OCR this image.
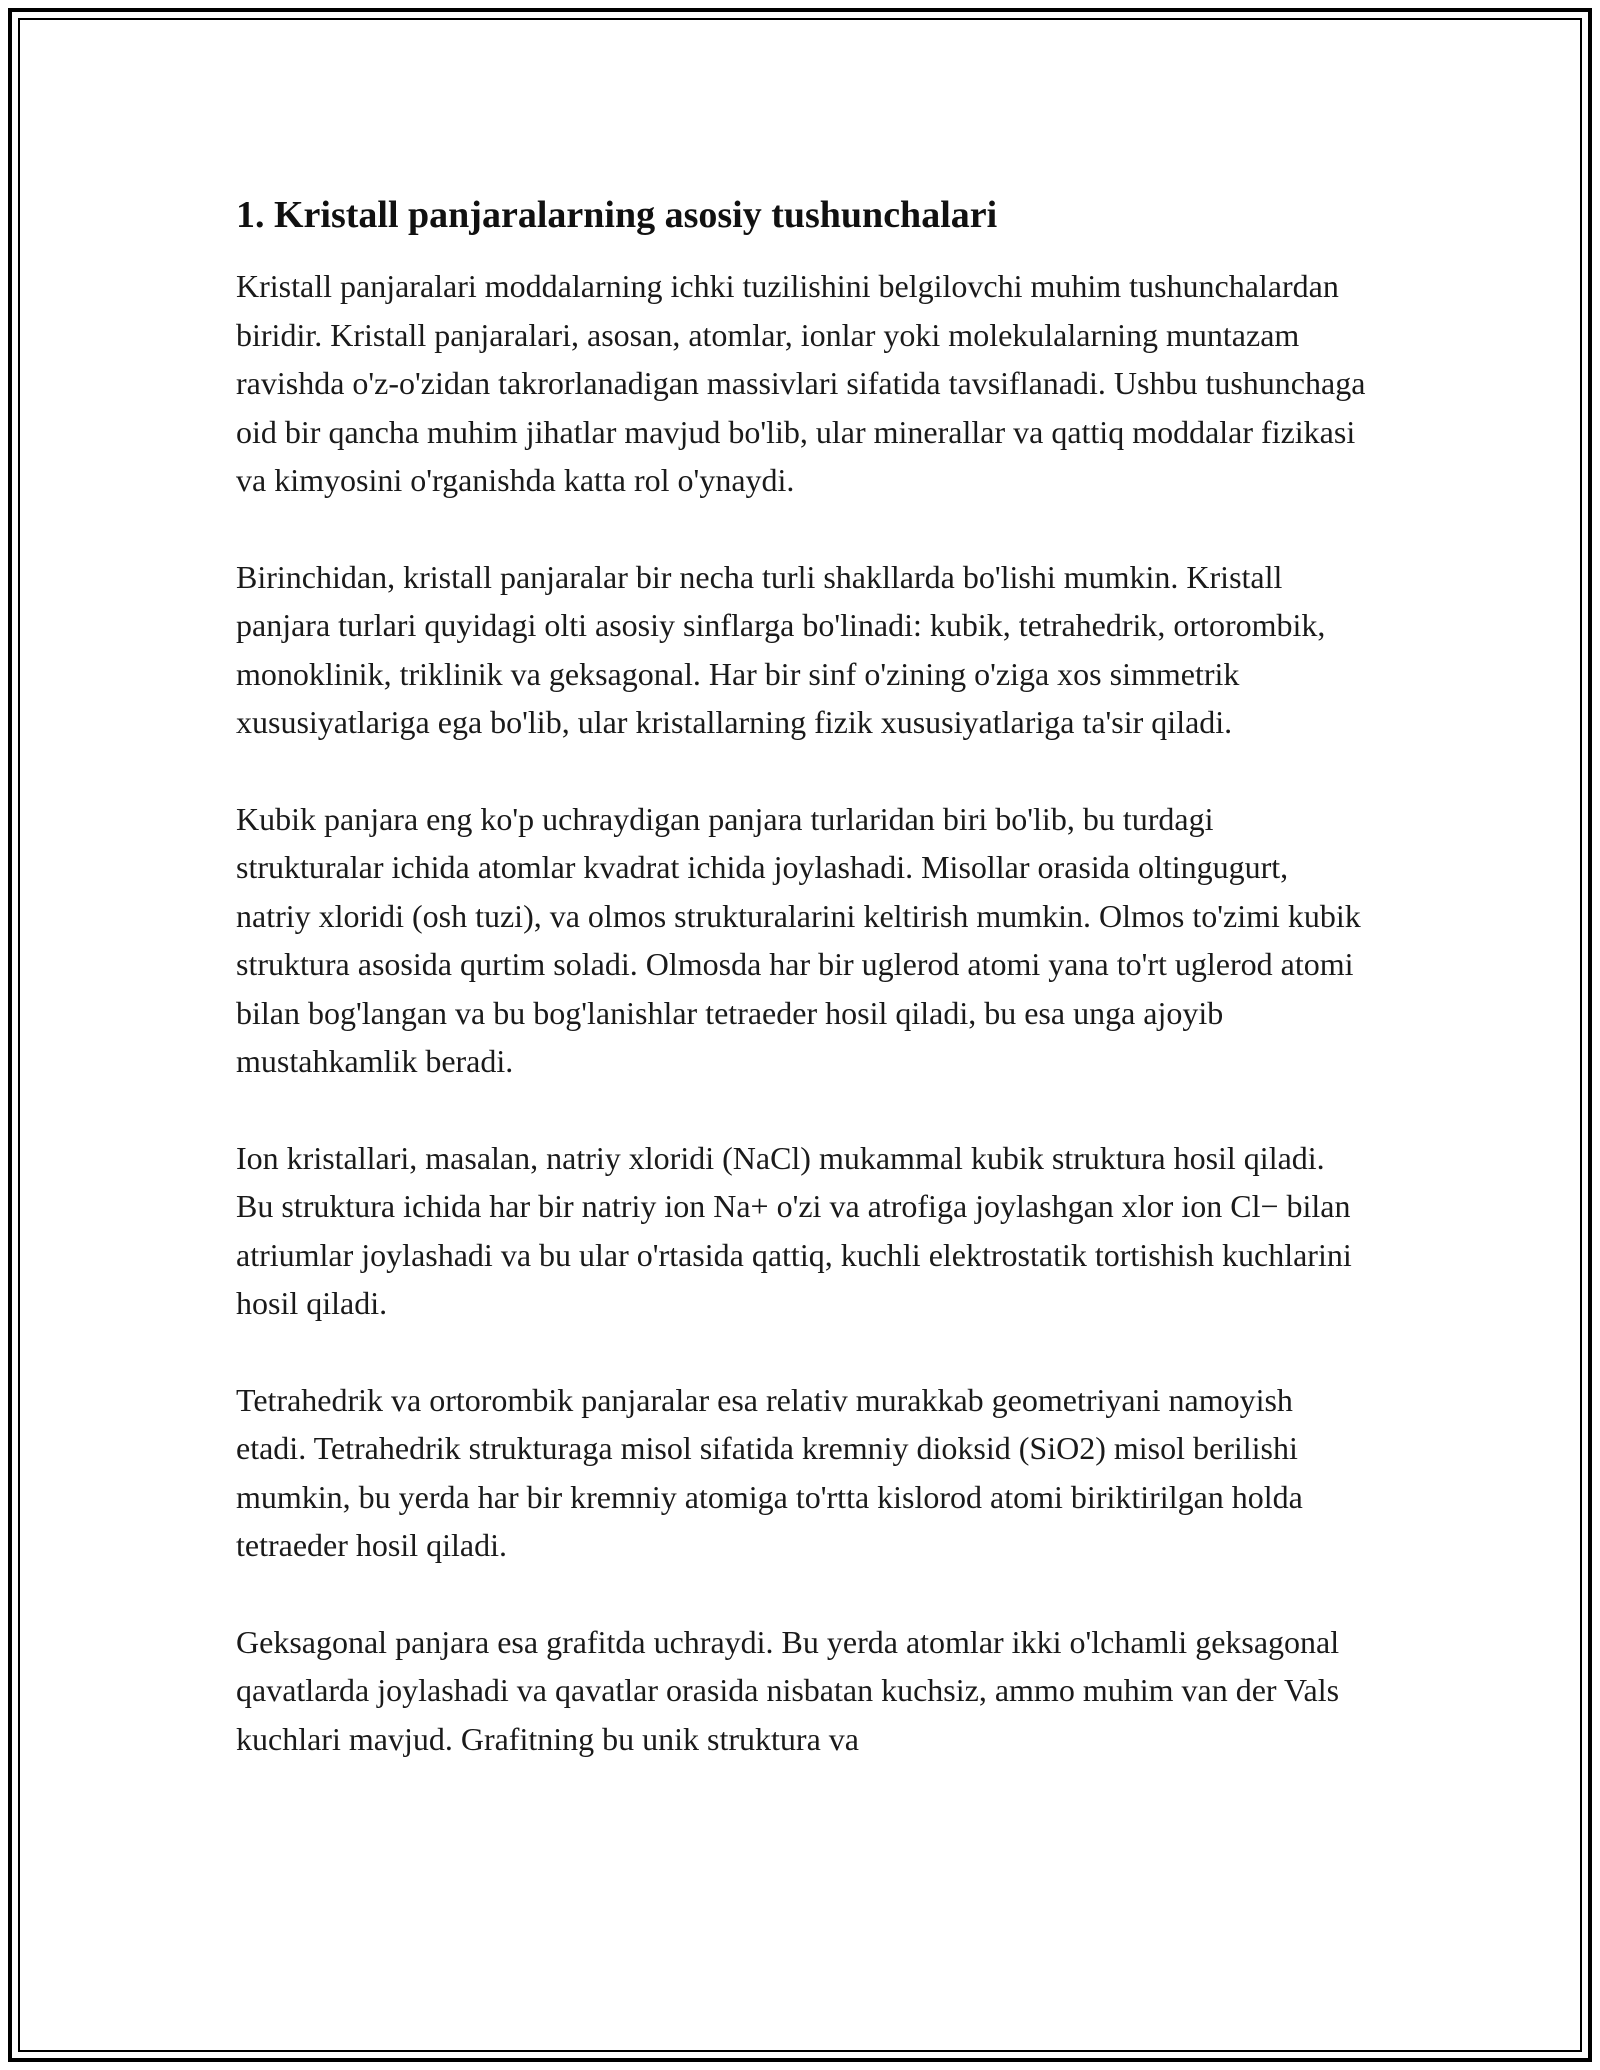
1. Kristall panjaralarning asosiy tushunchalari

Kristall panjaralari moddalarning ichki tuzilishini belgilovchi muhim tushunchalardan biridir. Kristall panjaralari, asosan, atomlar, ionlar yoki molekulalarning muntazam ravishda o'z-o'zidan takrorlanadigan massivlari sifatida tavsiflanadi. Ushbu tushunchaga oid bir qancha muhim jihatlar mavjud bo'lib, ular minerallar va qattiq moddalar fizikasi va kimyosini o'rganishda katta rol o'ynaydi.

Birinchidan, kristall panjaralar bir necha turli shakllarda bo'lishi mumkin. Kristall panjara turlari quyidagi olti asosiy sinflarga bo'linadi: kubik, tetrahedrik, ortorombik, monoklinik, triklinik va geksagonal. Har bir sinf o'zining o'ziga xos simmetrik xususiyatlariga ega bo'lib, ular kristallarning fizik xususiyatlariga ta'sir qiladi.

Kubik panjara eng ko'p uchraydigan panjara turlaridan biri bo'lib, bu turdagi strukturalar ichida atomlar kvadrat ichida joylashadi. Misollar orasida oltingugurt, natriy xloridi (osh tuzi), va olmos strukturalarini keltirish mumkin. Olmos to'zimi kubik struktura asosida qurtim soladi. Olmosda har bir uglerod atomi yana to'rt uglerod atomi bilan bog'langan va bu bog'lanishlar tetraeder hosil qiladi, bu esa unga ajoyib mustahkamlik beradi.

Ion kristallari, masalan, natriy xloridi (NaCl) mukammal kubik struktura hosil qiladi. Bu struktura ichida har bir natriy ion Na+ o'zi va atrofiga joylashgan xlor ion Cl− bilan atriumlar joylashadi va bu ular o'rtasida qattiq, kuchli elektrostatik tortishish kuchlarini hosil qiladi.

Tetrahedrik va ortorombik panjaralar esa relativ murakkab geometriyani namoyish etadi. Tetrahedrik strukturaga misol sifatida kremniy dioksid (SiO2) misol berilishi mumkin, bu yerda har bir kremniy atomiga to'rtta kislorod atomi biriktirilgan holda tetraeder hosil qiladi.

Geksagonal panjara esa grafitda uchraydi. Bu yerda atomlar ikki o'lchamli geksagonal qavatlarda joylashadi va qavatlar orasida nisbatan kuchsiz, ammo muhim van der Vals kuchlari mavjud. Grafitning bu unik struktura va
